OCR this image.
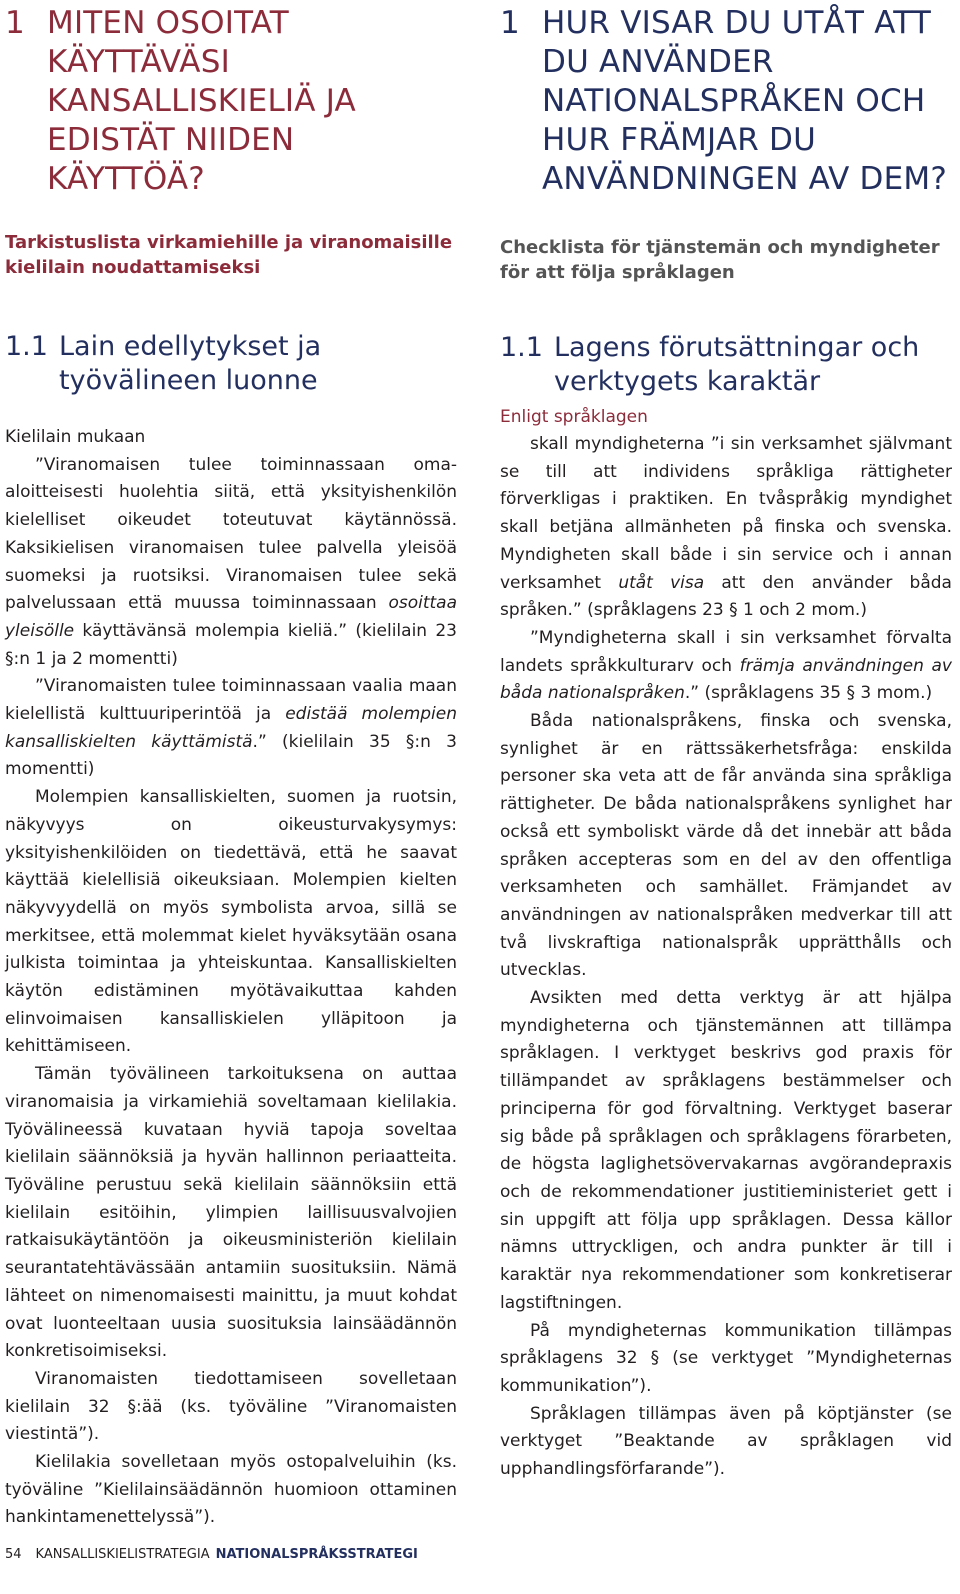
1 MITEN OSOITAT KÄYTTÄVÄSI KANSALLISKIELIÄ JA EDISTÄT NIIDEN KÄYTTÖÄ?

Tarkistuslista virkamiehille ja viranomaisille kielilain noudattamiseksi

1.1 Lain edellytykset ja työvälineen luonne

Kielilain mukaan

”Viranomaisen tulee toiminnassaan oma-aloitteisesti huolehtia siitä, että yksityishenkilön kielelliset oikeudet toteutuvat käytännössä. Kaksikielisen viranomaisen tulee palvella yleisöä suomeksi ja ruotsiksi. Viranomaisen tulee sekä palvelussaan että muussa toiminnassaan osoittaa yleisölle käyttävänsä molempia kieliä.” (kielilain 23 §:n 1 ja 2 momentti)

”Viranomaisten tulee toiminnassaan vaalia maan kielellistä kulttuuriperintöä ja edistää molempien kansalliskielten käyttämistä.” (kielilain 35 §:n 3 momentti)

Molempien kansalliskielten, suomen ja ruotsin, näkyvyys on oikeusturvakysymys: yksityishenkilöiden on tiedettävä, että he saavat käyttää kielellisiä oikeuksiaan. Molempien kielten näkyvyydellä on myös symbolista arvoa, sillä se merkitsee, että molemmat kielet hyväksytään osana julkista toimintaa ja yhteiskuntaa. Kansalliskielten käytön edistäminen myötävaikuttaa kahden elinvoimaisen kansalliskielen ylläpitoon ja kehittämiseen.

Tämän työvälineen tarkoituksena on auttaa viranomaisia ja virkamiehiä soveltamaan kielilakia. Työvälineessä kuvataan hyviä tapoja soveltaa kielilain säännöksiä ja hyvän hallinnon periaatteita. Työväline perustuu sekä kielilain säännöksiin että kielilain esitöihin, ylimpien laillisuusvalvojien ratkaisukäytäntöön ja oikeusministeriön kielilain seurantatehtävässään antamiin suosituksiin. Nämä lähteet on nimenomaisesti mainittu, ja muut kohdat ovat luonteeltaan uusia suosituksia lainsäädännön konkretisoimiseksi.

Viranomaisten tiedottamiseen sovelletaan kielilain 32 §:ää (ks. työväline ”Viranomaisten viestintä”).

Kielilakia sovelletaan myös ostopalveluihin (ks. työväline ”Kielilainsäädännön huomioon ottaminen hankintamenettelyssä”).

1 HUR VISAR DU UTÅT ATT DU ANVÄNDER NATIONALSPRÅKEN OCH HUR FRÄMJAR DU ANVÄNDNINGEN AV DEM?

Checklista för tjänstemän och myndigheter för att följa språklagen

1.1 Lagens förutsättningar och verktygets karaktär

Enligt språklagen

skall myndigheterna ”i sin verksamhet självmant se till att individens språkliga rättigheter förverkligas i praktiken. En tvåspråkig myndighet skall betjäna allmänheten på finska och svenska. Myndigheten skall både i sin service och i annan verksamhet utåt visa att den använder båda språken.” (språklagens 23 § 1 och 2 mom.)

”Myndigheterna skall i sin verksamhet förvalta landets språkkulturarv och främja användningen av båda nationalspråken.” (språklagens 35 § 3 mom.)

Båda nationalspråkens, finska och svenska, synlighet är en rättssäkerhetsfråga: enskilda personer ska veta att de får använda sina språkliga rättigheter. De båda nationalspråkens synlighet har också ett symboliskt värde då det innebär att båda språken accepteras som en del av den offentliga verksamheten och samhället. Främjandet av användningen av nationalspråken medverkar till att två livskraftiga nationalspråk upprätthålls och utvecklas.

Avsikten med detta verktyg är att hjälpa myndigheterna och tjänstemännen att tillämpa språklagen. I verktyget beskrivs god praxis för tillämpandet av språklagens bestämmelser och principerna för god förvaltning. Verktyget baserar sig både på språklagen och språklagens förarbeten, de högsta laglighetsövervakarnas avgörandepraxis och de rekommendationer justitieministeriet gett i sin uppgift att följa upp språklagen. Dessa källor nämns uttryckligen, och andra punkter är till i karaktär nya rekommendationer som konkretiserar lagstiftningen.

På myndigheternas kommunikation tillämpas språklagens 32 § (se verktyget ”Myndigheternas kommunikation”).

Språklagen tillämpas även på köptjänster (se verktyget ”Beaktande av språklagen vid upphandlingsförfarande”).

54 KANSALLISKIELISTRATEGIA NATIONALSPRÅKSSTRATEGI
